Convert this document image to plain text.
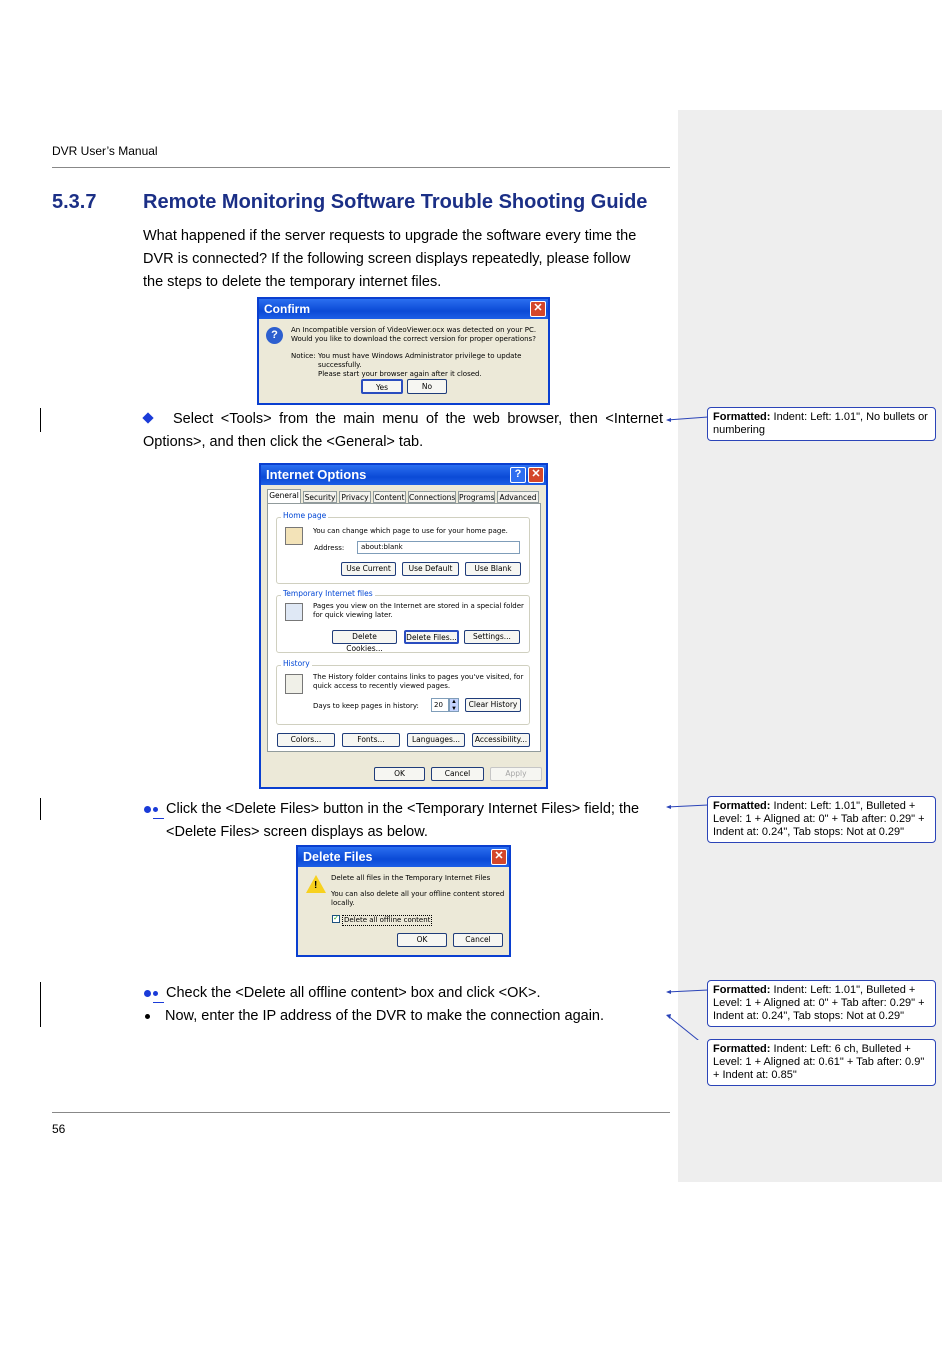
DVR User’s Manual
5.3.7 Remote Monitoring Software Trouble Shooting Guide
What happened if the server requests to upgrade the software every time the
DVR is connected? If the following screen displays repeatedly, please follow
the steps to delete the temporary internet files.
Confirm	✕
?	An Incompatible version of VideoViewer.ocx was detected on your PC.
Would you like to download the correct version for proper operations?
Notice: You must have Windows Administrator privilege to update successfully.
Please start your browser again after it closed.
Yes	No
Select <Tools> from the main menu of the web browser, then <Internet
Options>, and then click the <General> tab.
Internet Options	? ✕
General Security Privacy Content Connections Programs Advanced
Home page
You can change which page to use for your home page.
Address:	about:blank
Use Current	Use Default	Use Blank
Temporary Internet files
Pages you view on the Internet are stored in a special folder
for quick viewing later.
Delete Cookies...
Delete Files...	Settings...
History
The History folder contains links to pages you've visited, for
quick access to recently viewed pages.
Days to keep pages in history:	20	▲
▼	Clear History
Colors...	Fonts...	Languages...	Accessibility...
OK	Cancel	Apply
Click the <Delete Files> button in the <Temporary Internet Files> field; the
<Delete Files> screen displays as below.
Delete Files	✕
!
Delete all files in the Temporary Internet Files
You can also delete all your offline content stored
locally.
✓ Delete all offline content
OK	Cancel
Check the <Delete all offline content> box and click <OK>.
Now, enter the IP address of the DVR to make the connection again.
Formatted: Indent: Left: 1.01", No bullets or numbering
Formatted: Indent: Left: 1.01", Bulleted + Level: 1 + Aligned at: 0" + Tab after: 0.29" + Indent at: 0.24", Tab stops: Not at 0.29"
Formatted: Indent: Left: 1.01", Bulleted + Level: 1 + Aligned at: 0" + Tab after: 0.29" + Indent at: 0.24", Tab stops: Not at 0.29"
Formatted: Indent: Left: 6 ch, Bulleted + Level: 1 + Aligned at: 0.61" + Tab after: 0.9" + Indent at: 0.85"
56
